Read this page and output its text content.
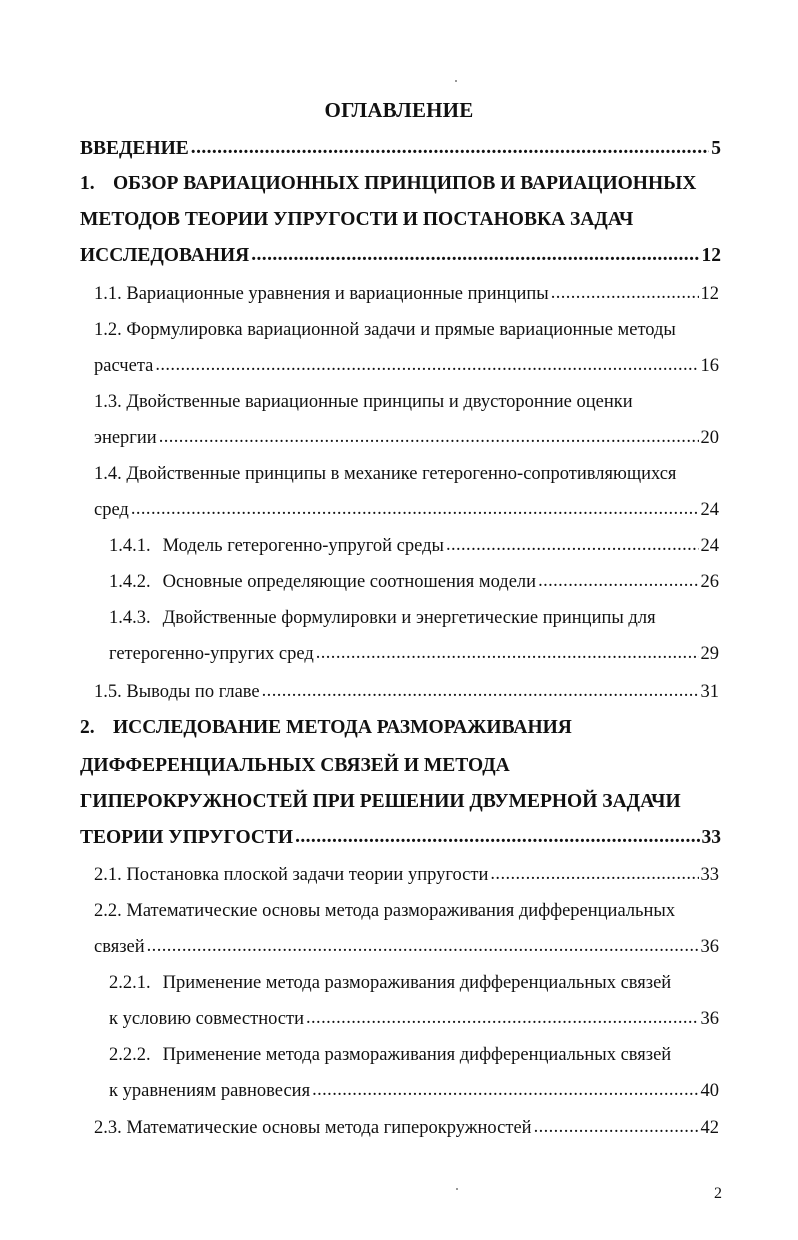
ОГЛАВЛЕНИЕ
ВВЕДЕНИЕ .....	5
1. ОБЗОР ВАРИАЦИОННЫХ ПРИНЦИПОВ И ВАРИАЦИОННЫХ
МЕТОДОВ ТЕОРИИ УПРУГОСТИ И ПОСТАНОВКА ЗАДАЧ
ИССЛЕДОВАНИЯ .....	12
1.1. Вариационные уравнения и вариационные принципы .....	12
1.2. Формулировка вариационной задачи и прямые вариационные методы
расчета .....	16
1.3. Двойственные вариационные принципы и двусторонние оценки
энергии .....	20
1.4. Двойственные принципы в механике гетерогенно-сопротивляющихся
сред .....	24
1.4.1. Модель гетерогенно-упругой среды .....	24
1.4.2. Основные определяющие соотношения модели .....	26
1.4.3. Двойственные формулировки и энергетические принципы для
гетерогенно-упругих сред .....	29
1.5. Выводы по главе .....	31
2. ИССЛЕДОВАНИЕ МЕТОДА РАЗМОРАЖИВАНИЯ
ДИФФЕРЕНЦИАЛЬНЫХ СВЯЗЕЙ И МЕТОДА
ГИПЕРОКРУЖНОСТЕЙ ПРИ РЕШЕНИИ ДВУМЕРНОЙ ЗАДАЧИ
ТЕОРИИ УПРУГОСТИ .....	33
2.1. Постановка плоской задачи теории упругости .....	33
2.2. Математические основы метода размораживания дифференциальных
связей .....	36
2.2.1. Применение метода размораживания дифференциальных связей
к условию совместности .....	36
2.2.2. Применение метода размораживания дифференциальных связей
к уравнениям равновесия .....	40
2.3. Математические основы метода гиперокружностей .....	42
2
